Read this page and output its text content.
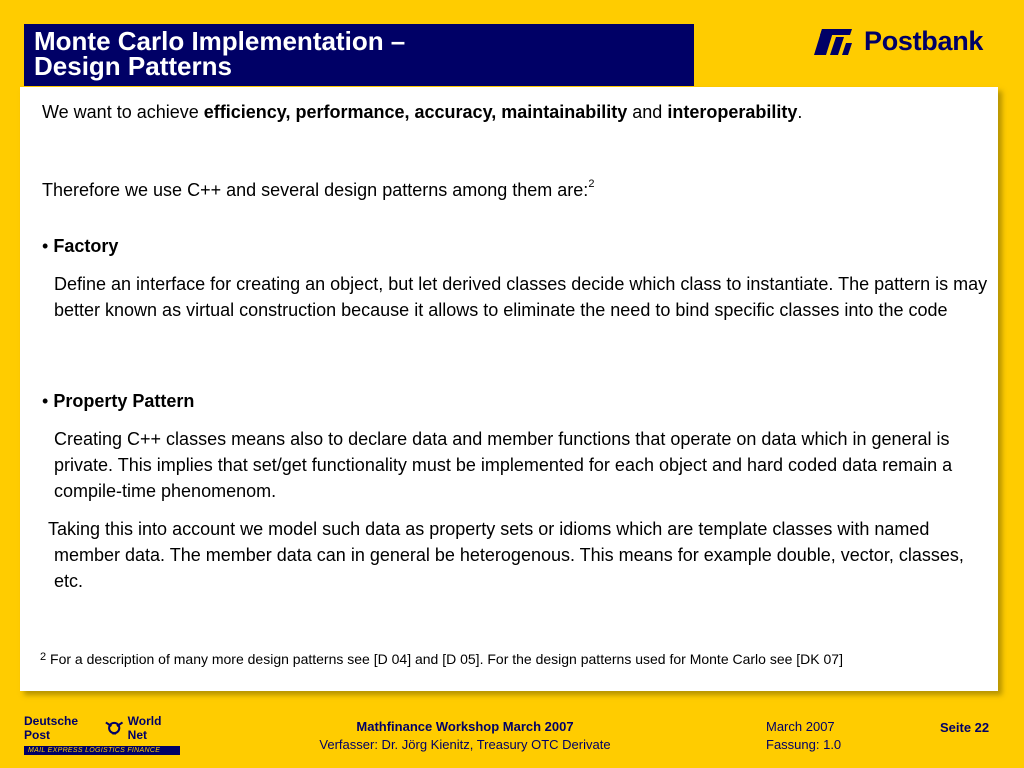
Monte Carlo Implementation –
Design Patterns
Postbank
We want to achieve efficiency, performance, accuracy, maintainability and interoperability.
Therefore we use C++ and several design patterns among them are:$^2$
• Factory
Define an interface for creating an object, but let derived classes decide which class to instantiate. The pattern is may better known as virtual construction because it allows to eliminate the need to bind specific classes into the code
• Property Pattern
Creating C++ classes means also to declare data and member functions that operate on data which in general is private. This implies that set/get functionality must be implemented for each object and hard coded data remain a compile-time phenomenom.
Taking this into account we model such data as property sets or idioms which are template classes with named member data. The member data can in general be heterogenous. This means for example double, vector, classes, etc.
$^2$ For a description of many more design patterns see [D 04] and [D 05]. For the design patterns used for Monte Carlo see [DK 07]
Deutsche Post
World Net
MAIL EXPRESS LOGISTICS FINANCE
Mathfinance Workshop March 2007
Verfasser: Dr. Jörg Kienitz, Treasury OTC Derivate
March 2007
Fassung: 1.0
Seite 22
